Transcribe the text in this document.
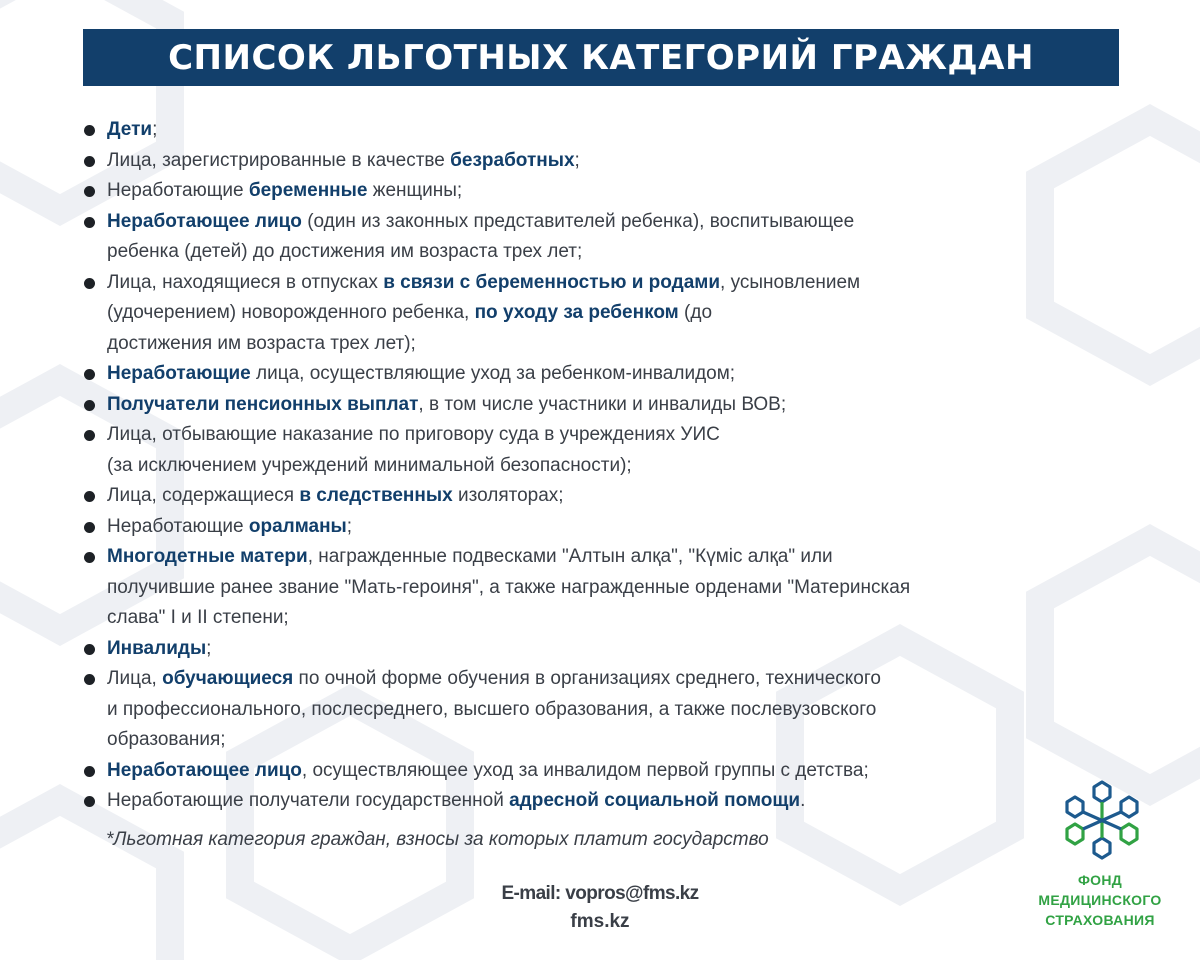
СПИСОК ЛЬГОТНЫХ КАТЕГОРИЙ ГРАЖДАН
Дети;
Лица, зарегистрированные в качестве безработных;
Неработающие беременные женщины;
Неработающее лицо (один из законных представителей ребенка), воспитывающее
ребенка (детей) до достижения им возраста трех лет;
Лица, находящиеся в отпусках в связи с беременностью и родами, усыновлением
(удочерением) новорожденного ребенка, по уходу за ребенком (до
достижения им возраста трех лет);
Неработающие лица, осуществляющие уход за ребенком-инвалидом;
Получатели пенсионных выплат, в том числе участники и инвалиды ВОВ;
Лица, отбывающие наказание по приговору суда в учреждениях УИС
(за исключением учреждений минимальной безопасности);
Лица, содержащиеся в следственных изоляторах;
Неработающие оралманы;
Многодетные матери, награжденные подвесками "Алтын алқа", "Күміс алқа" или
получившие ранее звание "Мать-героиня", а также награжденные орденами "Материнская
слава" I и II степени;
Инвалиды;
Лица, обучающиеся по очной форме обучения в организациях среднего, технического
и профессионального, послесреднего, высшего образования, а также послевузовского
образования;
Неработающее лицо, осуществляющее уход за инвалидом первой группы с детства;
Неработающие получатели государственной адресной социальной помощи.
*Льготная категория граждан, взносы за которых платит государство
E-mail: vopros@fms.kz
fms.kz
ФОНД
МЕДИЦИНСКОГО
СТРАХОВАНИЯ
